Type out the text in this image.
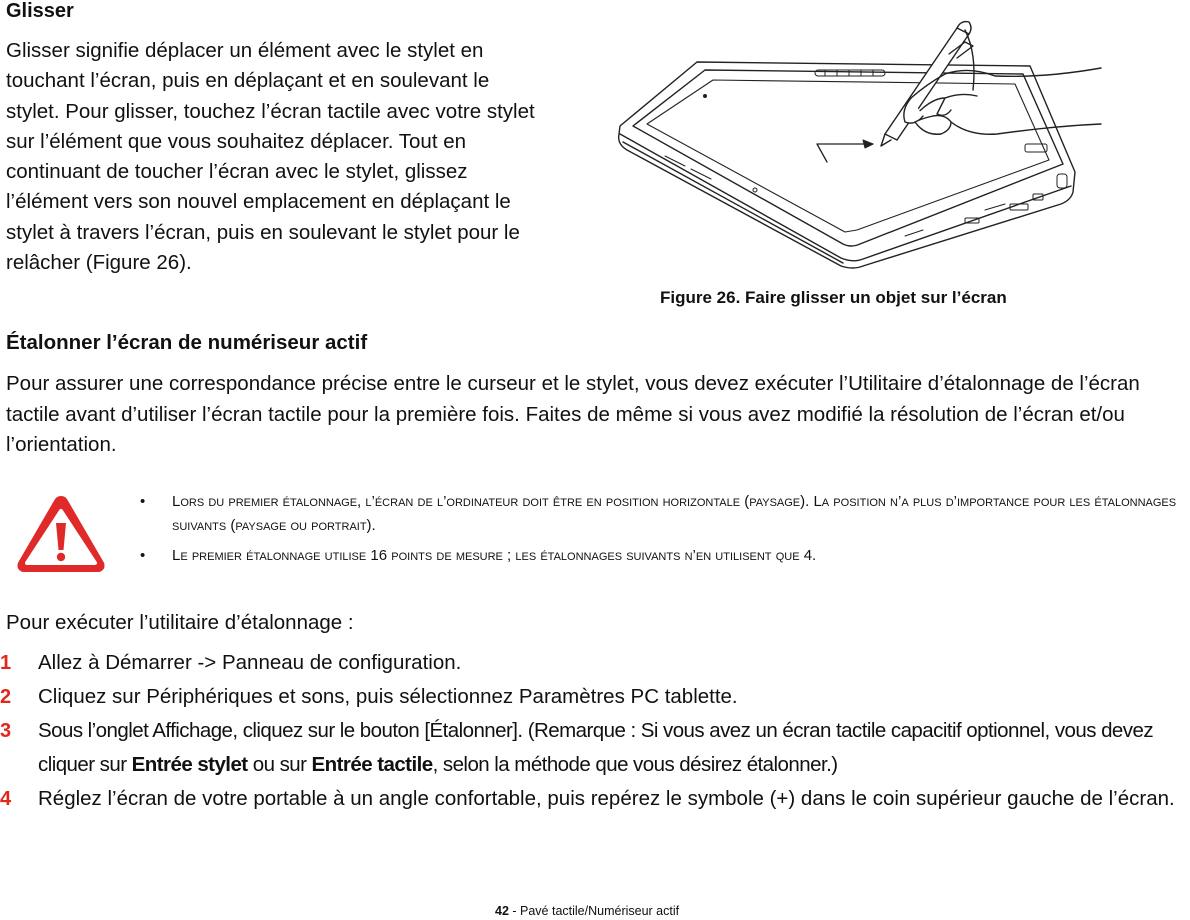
Glisser

Glisser signifie déplacer un élément avec le stylet en touchant l’écran, puis en déplaçant et en soulevant le stylet. Pour glisser, touchez l’écran tactile avec votre stylet sur l’élément que vous souhaitez déplacer. Tout en continuant de toucher l’écran avec le stylet, glissez l’élément vers son nouvel emplacement en déplaçant le stylet à travers l’écran, puis en soulevant le stylet pour le relâcher (Figure 26).

Figure 26. Faire glisser un objet sur l’écran

Étalonner l’écran de numériseur actif

Pour assurer une correspondance précise entre le curseur et le stylet, vous devez exécuter l’Utilitaire d’étalonnage de l’écran tactile avant d’utiliser l’écran tactile pour la première fois. Faites de même si vous avez modifié la résolution de l’écran et/ou l’orientation.

• Lors du premier étalonnage, l’écran de l’ordinateur doit être en position horizontale (paysage). La position n’a plus d’importance pour les étalonnages suivants (paysage ou portrait).
• Le premier étalonnage utilise 16 points de mesure ; les étalonnages suivants n’en utilisent que 4.

Pour exécuter l’utilitaire d’étalonnage :

1 Allez à Démarrer -> Panneau de configuration.
2 Cliquez sur Périphériques et sons, puis sélectionnez Paramètres PC tablette.
3 Sous l’onglet Affichage, cliquez sur le bouton [Étalonner]. (Remarque : Si vous avez un écran tactile capacitif optionnel, vous devez cliquer sur Entrée stylet ou sur Entrée tactile, selon la méthode que vous désirez étalonner.)
4 Réglez l’écran de votre portable à un angle confortable, puis repérez le symbole (+) dans le coin supérieur gauche de l’écran.

42 - Pavé tactile/Numériseur actif
